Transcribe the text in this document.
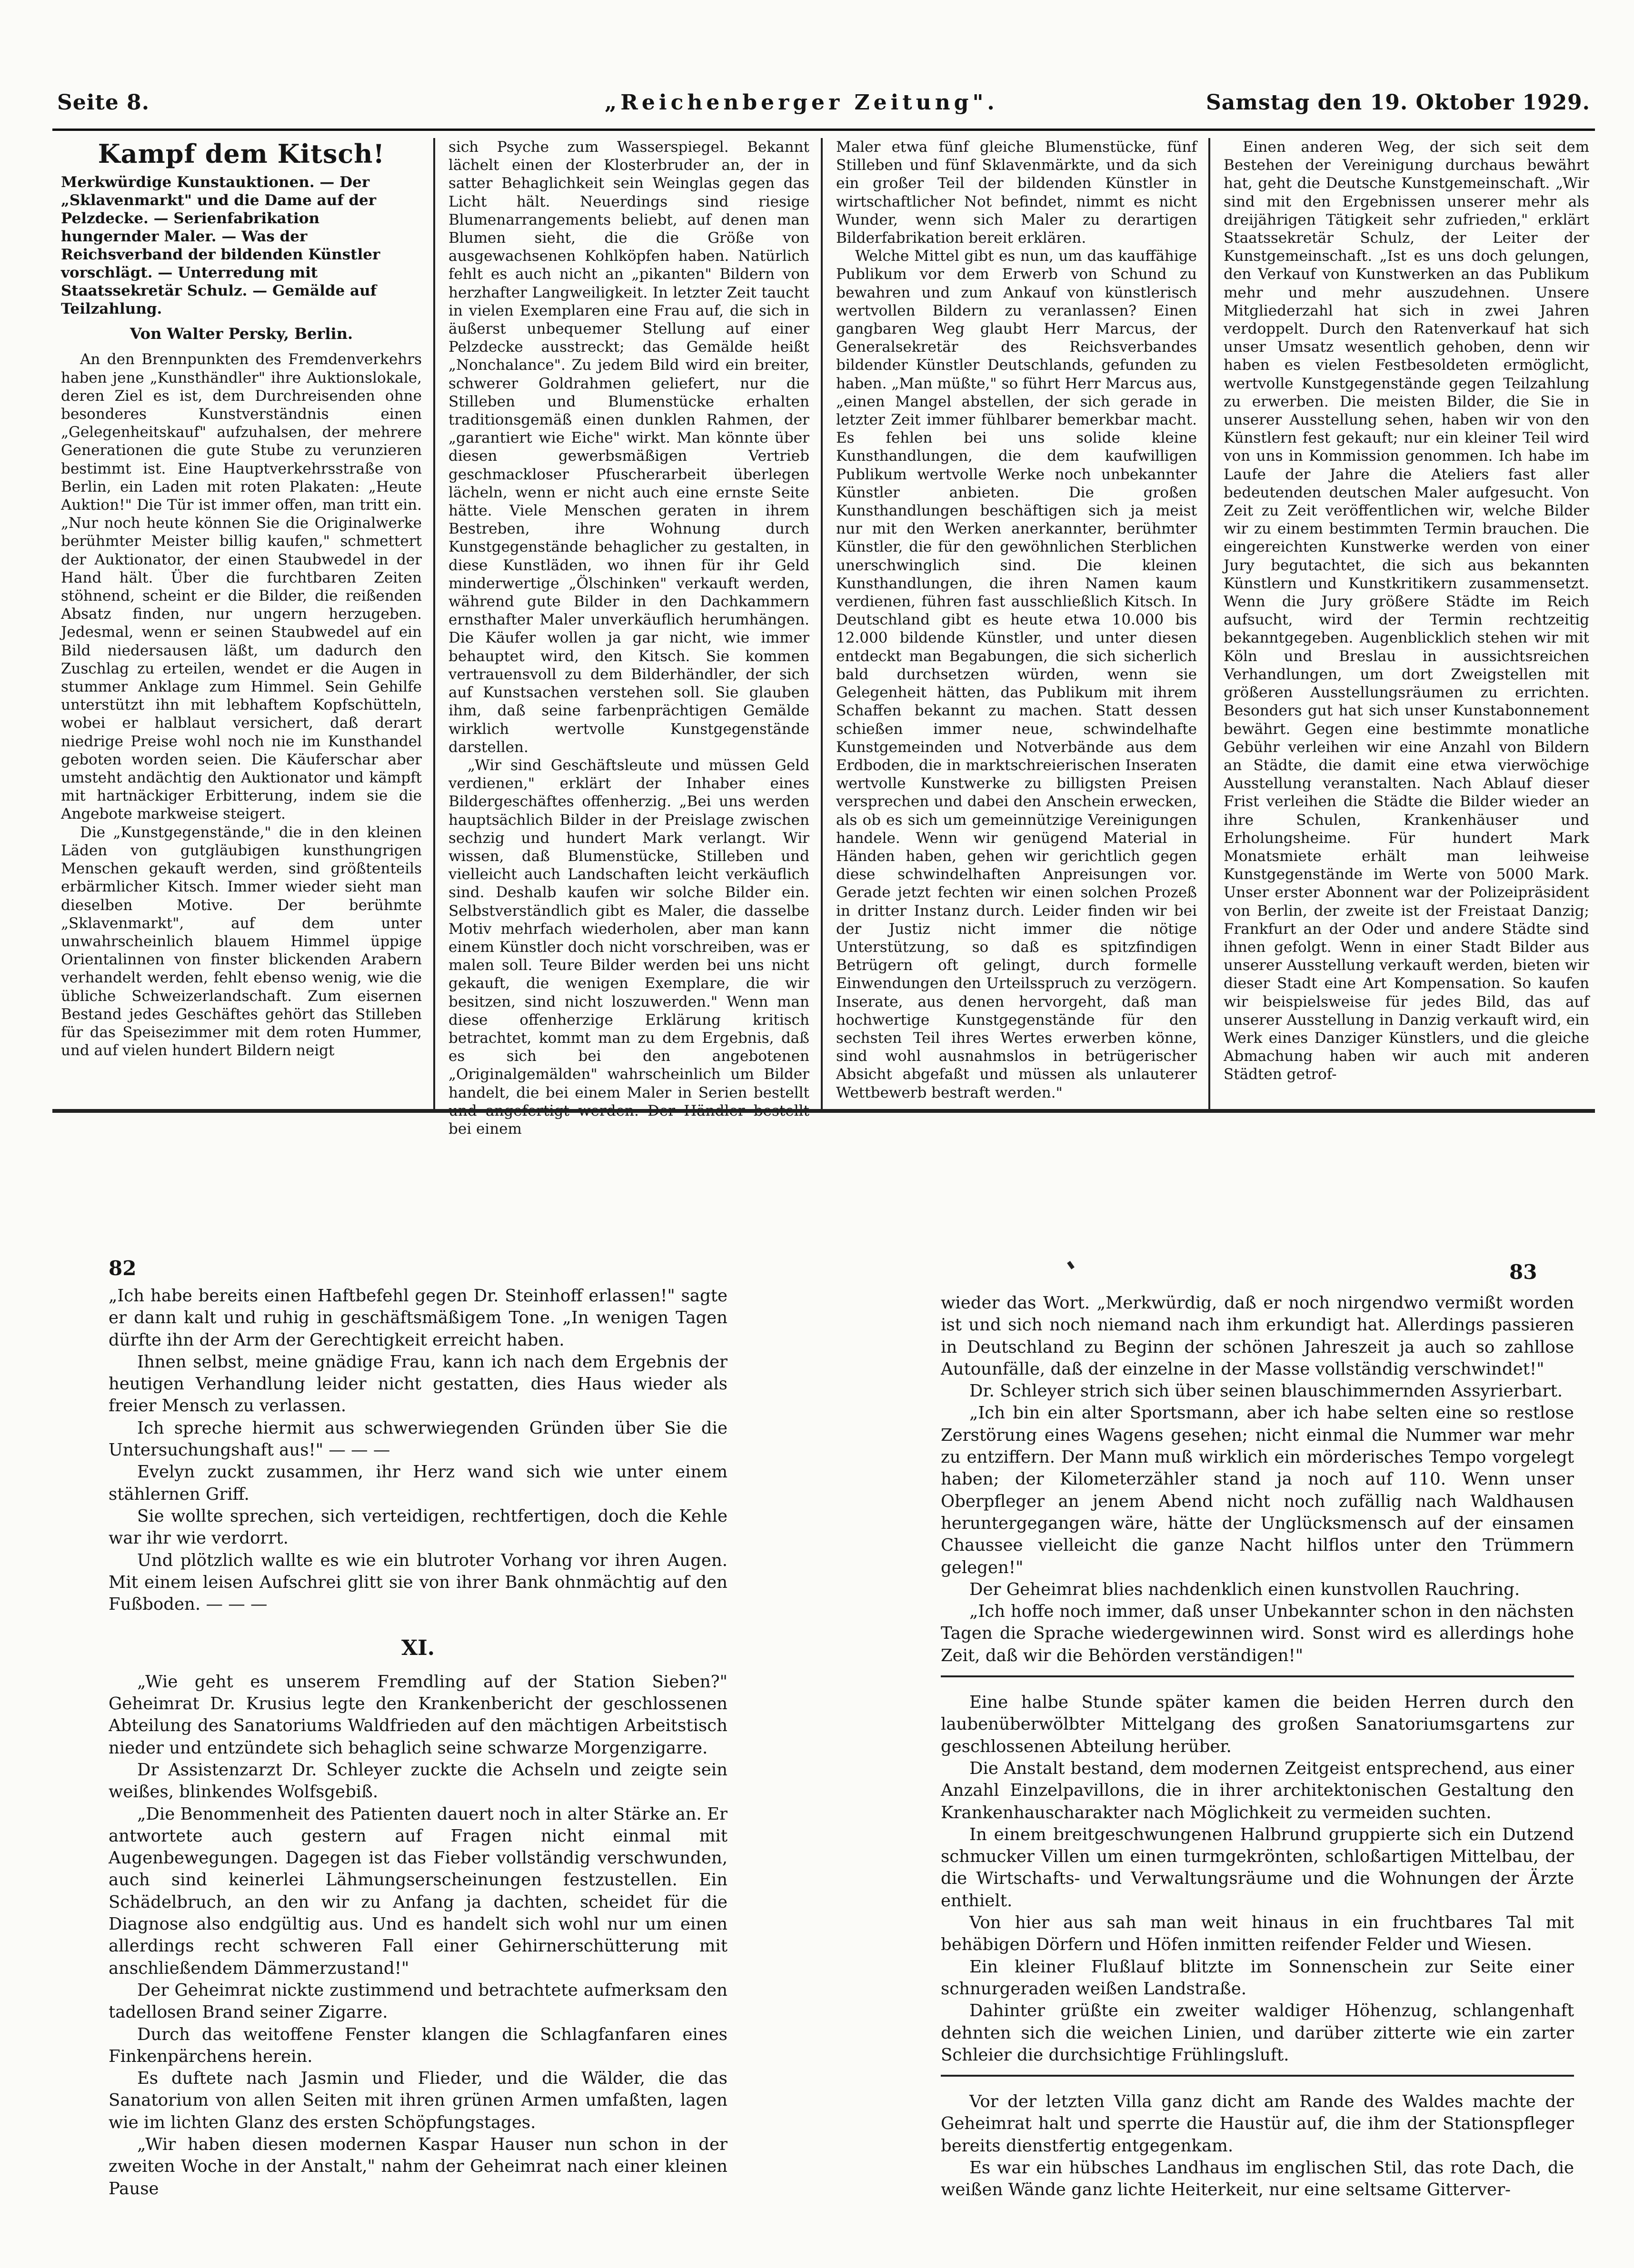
Seite 8.	„Reichenberger Zeitung".	Samstag den 19. Oktober 1929.
Kampf dem Kitsch!
Merkwürdige Kunstauktionen. — Der „Sklavenmarkt" und die Dame auf der Pelzdecke. — Serienfabrikation hungernder Maler. — Was der Reichsverband der bildenden Künstler vorschlägt. — Unterredung mit Staatssekretär Schulz. — Gemälde auf Teilzahlung.
Von Walter Persky, Berlin.

An den Brennpunkten des Fremdenverkehrs haben jene „Kunsthändler" ihre Auktionslokale, deren Ziel es ist, dem Durchreisenden ohne besonderes Kunstverständnis einen „Gelegenheitskauf" aufzuhalsen, der mehrere Generationen die gute Stube zu verunzieren bestimmt ist. Eine Hauptverkehrsstraße von Berlin, ein Laden mit roten Plakaten: „Heute Auktion!" Die Tür ist immer offen, man tritt ein. „Nur noch heute können Sie die Originalwerke berühmter Meister billig kaufen," schmettert der Auktionator, der einen Staubwedel in der Hand hält. Über die furchtbaren Zeiten stöhnend, scheint er die Bilder, die reißenden Absatz finden, nur ungern herzugeben. Jedesmal, wenn er seinen Staubwedel auf ein Bild niedersausen läßt, um dadurch den Zuschlag zu erteilen, wendet er die Augen in stummer Anklage zum Himmel. Sein Gehilfe unterstützt ihn mit lebhaftem Kopfschütteln, wobei er halblaut versichert, daß derart niedrige Preise wohl noch nie im Kunsthandel geboten worden seien. Die Käuferschar aber umsteht andächtig den Auktionator und kämpft mit hartnäckiger Erbitterung, indem sie die Angebote markweise steigert.

Die „Kunstgegenstände," die in den kleinen Läden von gutgläubigen kunsthungrigen Menschen gekauft werden, sind größtenteils erbärmlicher Kitsch. Immer wieder sieht man dieselben Motive. Der berühmte „Sklavenmarkt", auf dem unter unwahrscheinlich blauem Himmel üppige Orientalinnen von finster blickenden Arabern verhandelt werden, fehlt ebenso wenig, wie die übliche Schweizerlandschaft. Zum eisernen Bestand jedes Geschäftes gehört das Stilleben für das Speisezimmer mit dem roten Hummer, und auf vielen hundert Bildern neigt

sich Psyche zum Wasserspiegel. Bekannt lächelt einen der Klosterbruder an, der in satter Behaglichkeit sein Weinglas gegen das Licht hält. Neuerdings sind riesige Blumenarrangements beliebt, auf denen man Blumen sieht, die die Größe von ausgewachsenen Kohlköpfen haben. Natürlich fehlt es auch nicht an „pikanten" Bildern von herzhafter Langweiligkeit. In letzter Zeit taucht in vielen Exemplaren eine Frau auf, die sich in äußerst unbequemer Stellung auf einer Pelzdecke ausstreckt; das Gemälde heißt „Nonchalance". Zu jedem Bild wird ein breiter, schwerer Goldrahmen geliefert, nur die Stilleben und Blumenstücke erhalten traditionsgemäß einen dunklen Rahmen, der „garantiert wie Eiche" wirkt. Man könnte über diesen gewerbsmäßigen Vertrieb geschmackloser Pfuscherarbeit überlegen lächeln, wenn er nicht auch eine ernste Seite hätte. Viele Menschen geraten in ihrem Bestreben, ihre Wohnung durch Kunstgegenstände behaglicher zu gestalten, in diese Kunstläden, wo ihnen für ihr Geld minderwertige „Ölschinken" verkauft werden, während gute Bilder in den Dachkammern ernsthafter Maler unverkäuflich herumhängen. Die Käufer wollen ja gar nicht, wie immer behauptet wird, den Kitsch. Sie kommen vertrauensvoll zu dem Bilderhändler, der sich auf Kunstsachen verstehen soll. Sie glauben ihm, daß seine farbenprächtigen Gemälde wirklich wertvolle Kunstgegenstände darstellen.

„Wir sind Geschäftsleute und müssen Geld verdienen," erklärt der Inhaber eines Bildergeschäftes offenherzig. „Bei uns werden hauptsächlich Bilder in der Preislage zwischen sechzig und hundert Mark verlangt. Wir wissen, daß Blumenstücke, Stilleben und vielleicht auch Landschaften leicht verkäuflich sind. Deshalb kaufen wir solche Bilder ein. Selbstverständlich gibt es Maler, die dasselbe Motiv mehrfach wiederholen, aber man kann einem Künstler doch nicht vorschreiben, was er malen soll. Teure Bilder werden bei uns nicht gekauft, die wenigen Exemplare, die wir besitzen, sind nicht loszuwerden." Wenn man diese offenherzige Erklärung kritisch betrachtet, kommt man zu dem Ergebnis, daß es sich bei den angebotenen „Originalgemälden" wahrscheinlich um Bilder handelt, die bei einem Maler in Serien bestellt bei einem

Maler etwa fünf gleiche Blumenstücke, fünf Stilleben und fünf Sklavenmärkte, und da sich ein großer Teil der bildenden Künstler in wirtschaftlicher Not befindet, nimmt es nicht Wunder, wenn sich Maler zu derartigen Bilderfabrikation bereit erklären.

Welche Mittel gibt es nun, um das kauffähige Publikum vor dem Erwerb von Schund zu bewahren und zum Ankauf von künstlerisch wertvollen Bildern zu veranlassen? Einen gangbaren Weg glaubt Herr Marcus, der Generalsekretär des Reichsverbandes bildender Künstler Deutschlands, gefunden zu haben. „Man müßte," so führt Herr Marcus aus, „einen Mangel abstellen, der sich gerade in letzter Zeit immer fühlbarer bemerkbar macht. Es fehlen bei uns solide kleine Kunsthandlungen, die dem kaufwilligen Publikum wertvolle Werke noch unbekannter Künstler anbieten. Die großen Kunsthandlungen beschäftigen sich ja meist nur mit den Werken anerkannter, berühmter Künstler, die für den gewöhnlichen Sterblichen unerschwinglich sind. Die kleinen Kunsthandlungen, die ihren Namen kaum verdienen, führen fast ausschließlich Kitsch. In Deutschland gibt es heute etwa 10.000 bis 12.000 bildende Künstler, und unter diesen entdeckt man Begabungen, die sich sicherlich bald durchsetzen würden, wenn sie Gelegenheit hätten, das Publikum mit ihrem Schaffen bekannt zu machen. Statt dessen schießen immer neue, schwindelhafte Kunstgemeinden und Notverbände aus dem Erdboden, die in marktschreierischen Inseraten wertvolle Kunstwerke zu billigsten Preisen versprechen und dabei den Anschein erwecken, als ob es sich um gemeinnützige Vereinigungen handele. Wenn wir genügend Material in Händen haben, gehen wir gerichtlich gegen diese schwindelhaften Anpreisungen vor. Gerade jetzt fechten wir einen solchen Prozeß in dritter Instanz durch. Leider finden wir bei der Justiz nicht immer die nötige Unterstützung, so daß es spitzfindigen Betrügern oft gelingt, durch formelle Einwendungen den Urteilsspruch zu verzögern. Inserate, aus denen hervorgeht, daß man hochwertige Kunstgegenstände für den sechsten Teil ihres Wertes erwerben könne, sind wohl ausnahmslos in betrügerischer Absicht abgefaßt und müssen als unlauterer Wettbewerb bestraft werden."

Einen anderen Weg, der sich seit dem Bestehen der Vereinigung durchaus bewährt hat, geht die Deutsche Kunstgemeinschaft. „Wir sind mit den Ergebnissen unserer mehr als dreijährigen Tätigkeit sehr zufrieden," erklärt Staatssekretär Schulz, der Leiter der Kunstgemeinschaft. „Ist es uns doch gelungen, den Verkauf von Kunstwerken an das Publikum mehr und mehr auszudehnen. Unsere Mitgliederzahl hat sich in zwei Jahren verdoppelt. Durch den Ratenverkauf hat sich unser Umsatz wesentlich gehoben, denn wir haben es vielen Festbesoldeten ermöglicht, wertvolle Kunstgegenstände gegen Teilzahlung zu erwerben. Die meisten Bilder, die Sie in unserer Ausstellung sehen, haben wir von den Künstlern fest gekauft; nur ein kleiner Teil wird von uns in Kommission genommen. Ich habe im Laufe der Jahre die Ateliers fast aller bedeutenden deutschen Maler aufgesucht. Von Zeit zu Zeit veröffentlichen wir, welche Bilder wir zu einem bestimmten Termin brauchen. Die eingereichten Kunstwerke werden von einer Jury begutachtet, die sich aus bekannten Künstlern und Kunstkritikern zusammensetzt. Wenn die Jury größere Städte im Reich aufsucht, wird der Termin rechtzeitig bekanntgegeben. Augenblicklich stehen wir mit Köln und Breslau in aussichtsreichen Verhandlungen, um dort Zweigstellen mit größeren Ausstellungsräumen zu errichten. Besonders gut hat sich unser Kunstabonnement bewährt. Gegen eine bestimmte monatliche Gebühr verleihen wir eine Anzahl von Bildern an Städte, die damit eine etwa vierwöchige Ausstellung veranstalten. Nach Ablauf dieser Frist verleihen die Städte die Bilder wieder an ihre Schulen, Krankenhäuser und Erholungsheime. Für hundert Mark Monatsmiete erhält man leihweise Kunstgegenstände im Werte von 5000 Mark. Unser erster Abonnent war der Polizeipräsident von Berlin, der zweite ist der Freistaat Danzig; Frankfurt an der Oder und andere Städte sind ihnen gefolgt. Wenn in einer Stadt Bilder aus unserer Ausstellung verkauft werden, bieten wir dieser Stadt eine Art Kompensation. So kaufen wir beispielsweise für jedes Bild, das auf unserer Ausstellung in Danzig verkauft wird, ein Werk eines Danziger Künstlers, und die gleiche Abmachung haben wir auch mit anderen Städten getrof-

82	83

„Ich habe bereits einen Haftbefehl gegen Dr. Steinhoff erlassen!" sagte er dann kalt und ruhig in geschäftsmäßigem Tone. „In wenigen Tagen dürfte ihn der Arm der Gerechtigkeit erreicht haben.

Ihnen selbst, meine gnädige Frau, kann ich nach dem Ergebnis der heutigen Verhandlung leider nicht gestatten, dies Haus wieder als freier Mensch zu verlassen.

Ich spreche hiermit aus schwerwiegenden Gründen über Sie die Untersuchungshaft aus!" — — —

Evelyn zuckt zusammen, ihr Herz wand sich wie unter einem stählernen Griff.

Sie wollte sprechen, sich verteidigen, rechtfertigen, doch die Kehle war ihr wie verdorrt.

Und plötzlich wallte es wie ein blutroter Vorhang vor ihren Augen. Mit einem leisen Aufschrei glitt sie von ihrer Bank ohnmächtig auf den Fußboden. — — —

XI.

„Wie geht es unserem Fremdling auf der Station Sieben?" Geheimrat Dr. Krusius legte den Krankenbericht der geschlossenen Abteilung des Sanatoriums Waldfrieden auf den mächtigen Arbeitstisch nieder und entzündete sich behaglich seine schwarze Morgenzigarre.

Dr Assistenzarzt Dr. Schleyer zuckte die Achseln und zeigte sein weißes, blinkendes Wolfsgebiß.

„Die Benommenheit des Patienten dauert noch in alter Stärke an. Er antwortete auch gestern auf Fragen nicht einmal mit Augenbewegungen. Dagegen ist das Fieber vollständig verschwunden, auch sind keinerlei Lähmungserscheinungen festzustellen. Ein Schädelbruch, an den wir zu Anfang ja dachten, scheidet für die Diagnose also endgültig aus. Und es handelt sich wohl nur um einen allerdings recht schweren Fall einer Gehirnerschütterung mit anschließendem Dämmerzustand!"

Der Geheimrat nickte zustimmend und betrachtete aufmerksam den tadellosen Brand seiner Zigarre.

Durch das weitoffene Fenster klangen die Schlagfanfaren eines Finkenpärchens herein.

Es duftete nach Jasmin und Flieder, und die Wälder, die das Sanatorium von allen Seiten mit ihren grünen Armen umfaßten, lagen wie im lichten Glanz des ersten Schöpfungstages.

„Wir haben diesen modernen Kaspar Hauser nun schon in der zweiten Woche in der Anstalt," nahm der Geheimrat nach einer kleinen Pause

wieder das Wort. „Merkwürdig, daß er noch nirgendwo vermißt worden ist und sich noch niemand nach ihm erkundigt hat. Allerdings passieren in Deutschland zu Beginn der schönen Jahreszeit ja auch so zahllose Autounfälle, daß der einzelne in der Masse vollständig verschwindet!"

Dr. Schleyer strich sich über seinen blauschimmernden Assyrierbart.

„Ich bin ein alter Sportsmann, aber ich habe selten eine so restlose Zerstörung eines Wagens gesehen; nicht einmal die Nummer war mehr zu entziffern. Der Mann muß wirklich ein mörderisches Tempo vorgelegt haben; der Kilometerzähler stand ja noch auf 110. Wenn unser Oberpfleger an jenem Abend nicht noch zufällig nach Waldhausen heruntergegangen wäre, hätte der Unglücksmensch auf der einsamen Chaussee vielleicht die ganze Nacht hilflos unter den Trümmern gelegen!"

Der Geheimrat blies nachdenklich einen kunstvollen Rauchring.

„Ich hoffe noch immer, daß unser Unbekannter schon in den nächsten Tagen die Sprache wiedergewinnen wird. Sonst wird es allerdings hohe Zeit, daß wir die Behörden verständigen!"

Eine halbe Stunde später kamen die beiden Herren durch den laubenüberwölbter Mittelgang des großen Sanatoriumsgartens zur geschlossenen Abteilung herüber.

Die Anstalt bestand, dem modernen Zeitgeist entsprechend, aus einer Anzahl Einzelpavillons, die in ihrer architektonischen Gestaltung den Krankenhauscharakter nach Möglichkeit zu vermeiden suchten.

In einem breitgeschwungenen Halbrund gruppierte sich ein Dutzend schmucker Villen um einen turmgekrönten, schloßartigen Mittelbau, der die Wirtschafts- und Verwaltungsräume und die Wohnungen der Ärzte enthielt.

Von hier aus sah man weit hinaus in ein fruchtbares Tal mit behäbigen Dörfern und Höfen inmitten reifender Felder und Wiesen.

Ein kleiner Flußlauf blitzte im Sonnenschein zur Seite einer schnurgeraden weißen Landstraße.

Dahinter grüßte ein zweiter waldiger Höhenzug, schlangenhaft dehnten sich die weichen Linien, und darüber zitterte wie ein zarter Schleier die durchsichtige Frühlingsluft.

Vor der letzten Villa ganz dicht am Rande des Waldes machte der Geheimrat halt und sperrte die Haustür auf, die ihm der Stationspfleger bereits dienstfertig entgegenkam.

Es war ein hübsches Landhaus im englischen Stil, das rote Dach, die weißen Wände ganz lichte Heiterkeit, nur eine seltsame Gitterver-
